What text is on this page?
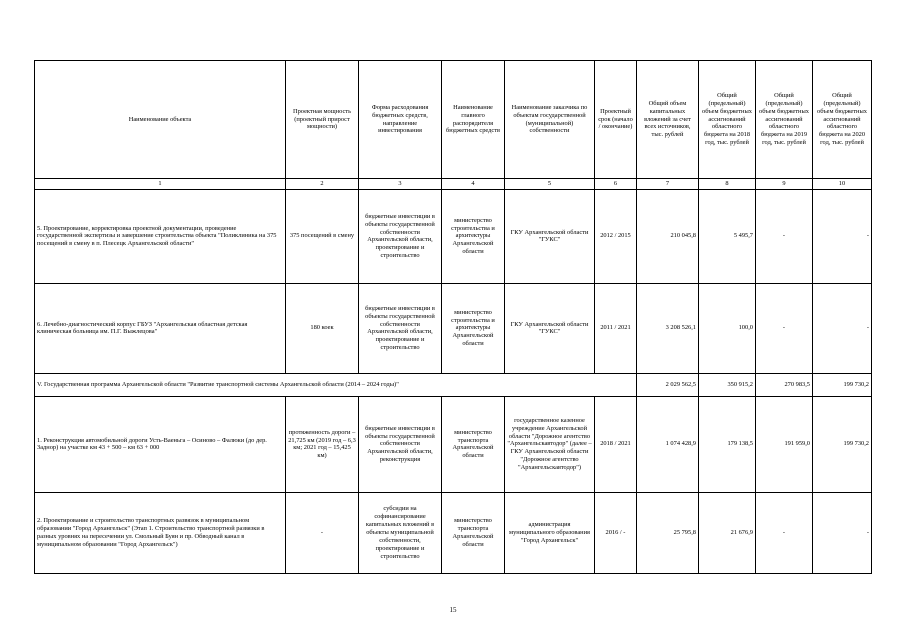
Наименование объекта	Проектная мощность (проектный прирост мощности)	Форма расходования бюджетных средств, направление инвестирования	Наименование главного распорядителя бюджетных средств	Наименование заказчика по объектам государственной (муниципальной) собственности	Проектный срок (начало / окончание)	Общий объем капитальных вложений за счет всех источников, тыс. рублей	Общий (предельный) объем бюджетных ассигнований областного бюджета на 2018 год, тыс. рублей	Общий (предельный) объем бюджетных ассигнований областного бюджета на 2019 год, тыс. рублей	Общий (предельный) объем бюджетных ассигнований областного бюджета на 2020 год, тыс. рублей
1	2	3	4	5	6	7	8	9	10
5. Проектирование, корректировка проектной документации, проведение государственной экспертизы и завершение строительства объекта "Поликлиника на 375 посещений в смену в п. Плесецк Архангельской области"	375 посещений в смену	бюджетные инвестиции в объекты государственной собственности Архангельской области, проектирование и строительство	министерство строительства и архитектуры Архангельской области	ГКУ Архангельской области "ГУКС"	2012 / 2015	210 045,8	5 495,7	-	-
6. Лечебно-диагностический корпус ГБУЗ "Архангельская областная детская клиническая больница им. П.Г. Выжлецова"	180 коек	бюджетные инвестиции в объекты государственной собственности Архангельской области, проектирование и строительство	министерство строительства и архитектуры Архангельской области	ГКУ Архангельской области "ГУКС"	2011 / 2021	3 208 526,1	100,0	-	-
V. Государственная программа Архангельской области "Развитие транспортной системы Архангельской области (2014 – 2024 годы)"						2 029 562,5	350 915,2	270 983,5	199 730,2
1. Реконструкция автомобильной дороги Усть-Ваеньга – Осиново – Фалюки (до дер. Заднор) на участке км 43 + 500 – км 63 + 000	протяженность дороги – 21,725 км (2019 год – 6,3 км; 2021 год – 15,425 км)	бюджетные инвестиции в объекты государственной собственности Архангельской области, реконструкция	министерство транспорта Архангельской области	государственное казенное учреждение Архангельской области "Дорожное агентство "Архангельскавтодор" (далее – ГКУ Архангельской области "Дорожное агентство "Архангельскавтодор")	2018 / 2021	1 074 428,9	179 138,5	191 959,0	199 730,2
2. Проектирование и строительство транспортных развязок в муниципальном образовании "Город Архангельск" (Этап 1. Строительство транспортной развязки в разных уровнях на пересечении ул. Смольный Буян и пр. Обводный канал в муниципальном образовании "Город Архангельск")	-	субсидии на софинансирование капитальных вложений в объекты муниципальной собственности, проектирование и строительство	министерство транспорта Архангельской области	администрация муниципального образования "Город Архангельск"	2016 / -	25 795,8	21 676,9	-	-
15
